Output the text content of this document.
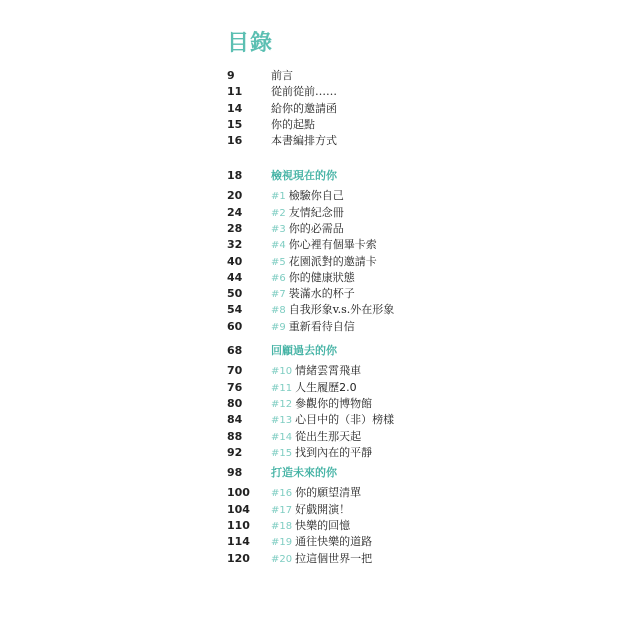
目錄
9	前言
11	從前從前……
14	給你的邀請函
15	你的起點
16	本書編排方式
18	檢視現在的你
20	#1 檢驗你自己
24	#2 友情紀念冊
28	#3 你的必需品
32	#4 你心裡有個畢卡索
40	#5 花園派對的邀請卡
44	#6 你的健康狀態
50	#7 裝滿水的杯子
54	#8 自我形象v.s.外在形象
60	#9 重新看待自信
68	回顧過去的你
70	#10 情緒雲霄飛車
76	#11 人生履歷2.0
80	#12 參觀你的博物館
84	#13 心目中的（非）榜樣
88	#14 從出生那天起
92	#15 找到內在的平靜
98	打造未來的你
100 #16 你的願望清單
104 #17 好戲開演！
110 #18 快樂的回憶
114 #19 通往快樂的道路
120 #20 拉這個世界一把
